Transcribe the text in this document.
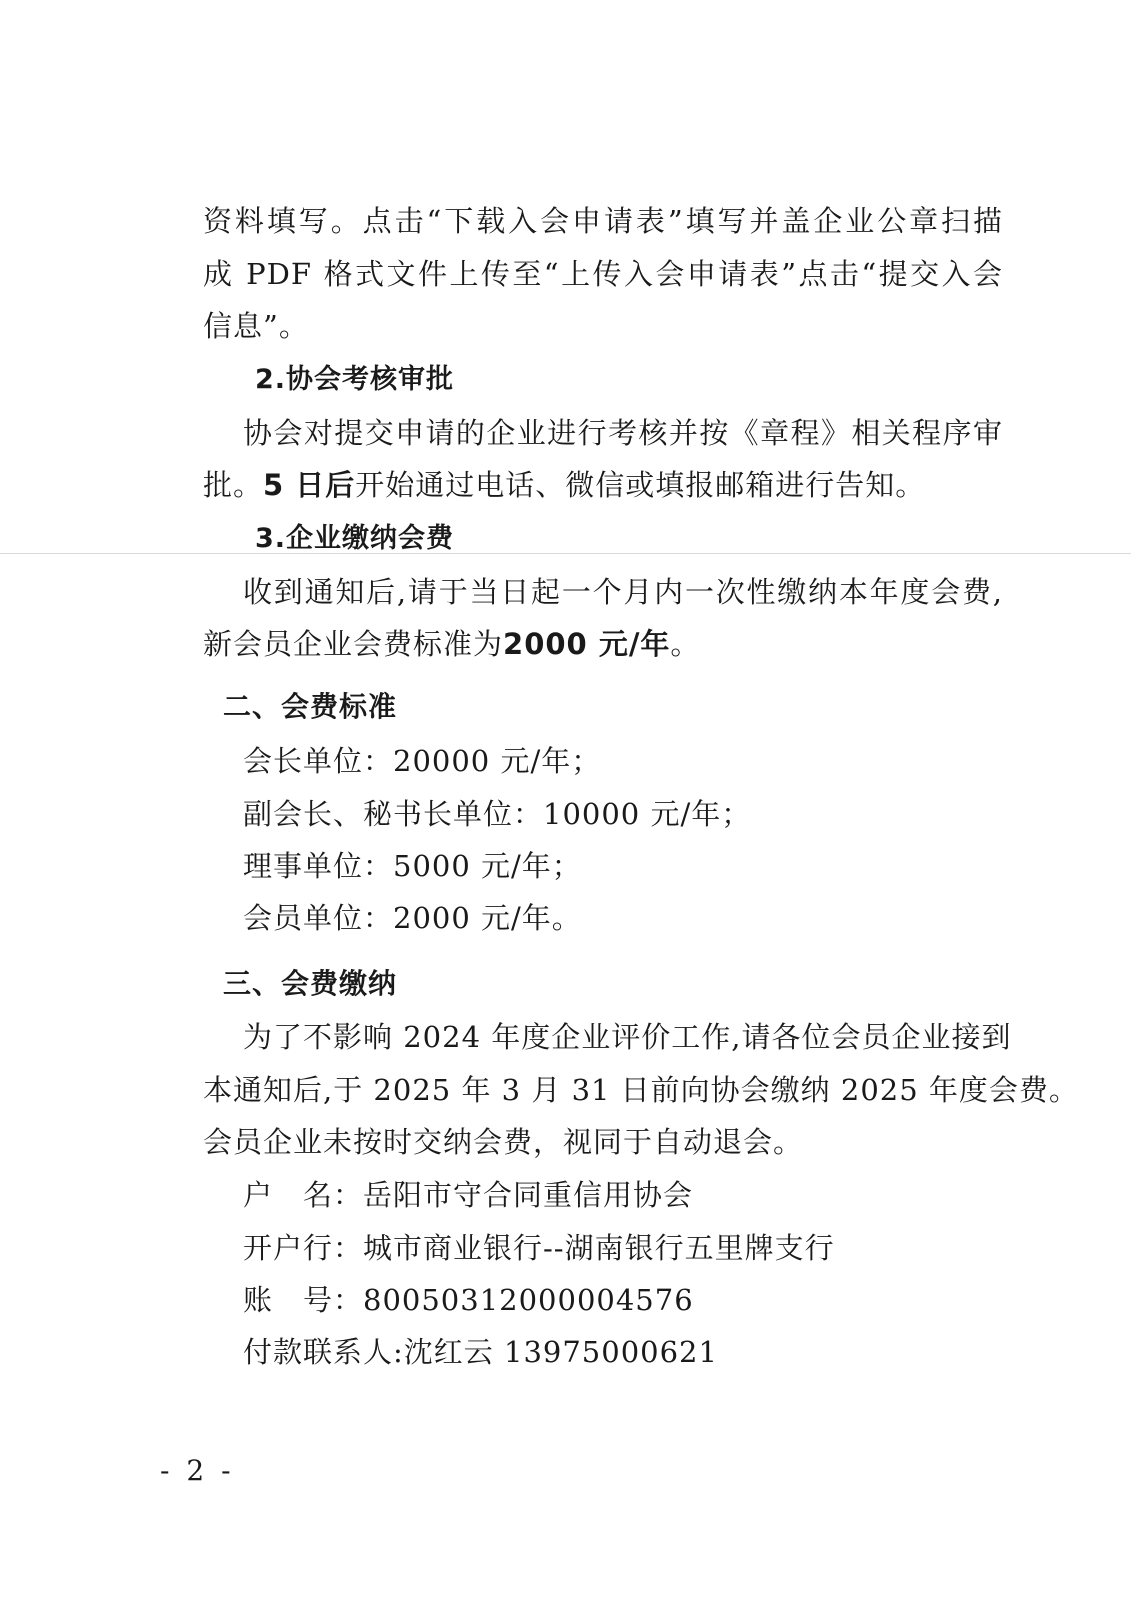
资料填写。点击“下载入会申请表”填写并盖企业公章扫描
成 PDF 格式文件上传至“上传入会申请表”点击“提交入会
信息”。
2.协会考核审批
协会对提交申请的企业进行考核并按《章程》相关程序审
批。5 日后开始通过电话、微信或填报邮箱进行告知。
3.企业缴纳会费
收到通知后,请于当日起一个月内一次性缴纳本年度会费,
新会员企业会费标准为2000 元/年。
二、会费标准
会长单位：20000 元/年；
副会长、秘书长单位：10000 元/年；
理事单位：5000 元/年；
会员单位：2000 元/年。
三、会费缴纳
为了不影响 2024 年度企业评价工作,请各位会员企业接到
本通知后,于 2025 年 3 月 31 日前向协会缴纳 2025 年度会费。
会员企业未按时交纳会费，视同于自动退会。
户　名：岳阳市守合同重信用协会
开户行：城市商业银行--湖南银行五里牌支行
账　号：80050312000004576
付款联系人:沈红云 13975000621
- 2 -
